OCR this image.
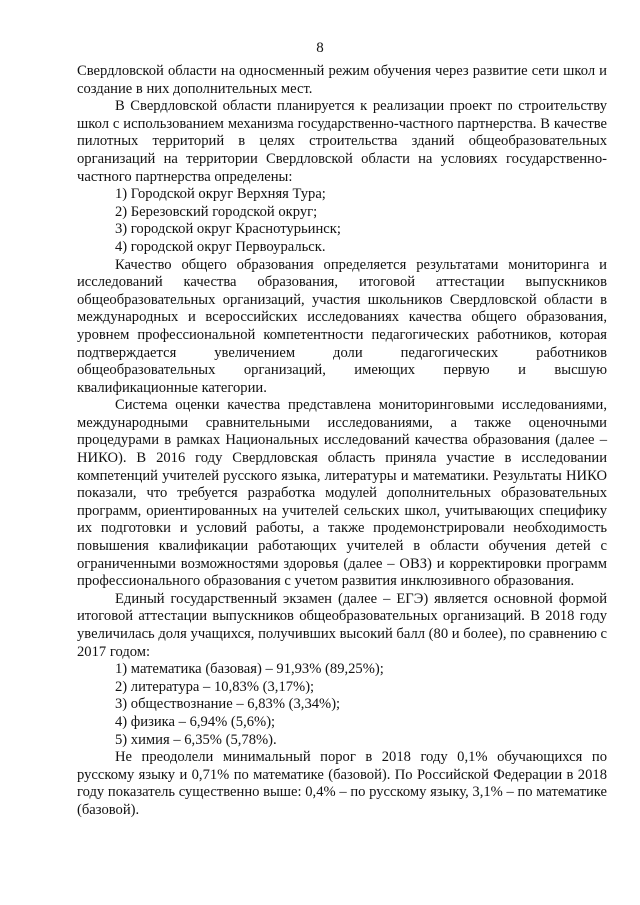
8

Свердловской области на односменный режим обучения через развитие сети школ и создание в них дополнительных мест.

В Свердловской области планируется к реализации проект по строительству школ с использованием механизма государственно-частного партнерства. В качестве пилотных территорий в целях строительства зданий общеобразовательных организаций на территории Свердловской области на условиях государственно-частного партнерства определены:

1) Городской округ Верхняя Тура;

2) Березовский городской округ;

3) городской округ Краснотурьинск;

4) городской округ Первоуральск.

Качество общего образования определяется результатами мониторинга и исследований качества образования, итоговой аттестации выпускников общеобразовательных организаций, участия школьников Свердловской области в международных и всероссийских исследованиях качества общего образования, уровнем профессиональной компетентности педагогических работников, которая подтверждается увеличением доли педагогических работников общеобразовательных организаций, имеющих первую и высшую квалификационные категории.

Система оценки качества представлена мониторинговыми исследованиями, международными сравнительными исследованиями, а также оценочными процедурами в рамках Национальных исследований качества образования (далее – НИКО). В 2016 году Свердловская область приняла участие в исследовании компетенций учителей русского языка, литературы и математики. Результаты НИКО показали, что требуется разработка модулей дополнительных образовательных программ, ориентированных на учителей сельских школ, учитывающих специфику их подготовки и условий работы, а также продемонстрировали необходимость повышения квалификации работающих учителей в области обучения детей с ограниченными возможностями здоровья (далее – ОВЗ) и корректировки программ профессионального образования с учетом развития инклюзивного образования.

Единый государственный экзамен (далее – ЕГЭ) является основной формой итоговой аттестации выпускников общеобразовательных организаций. В 2018 году увеличилась доля учащихся, получивших высокий балл (80 и более), по сравнению с 2017 годом:

1) математика (базовая) – 91,93% (89,25%);

2) литература – 10,83% (3,17%);

3) обществознание – 6,83% (3,34%);

4) физика – 6,94% (5,6%);

5) химия – 6,35% (5,78%).

Не преодолели минимальный порог в 2018 году 0,1% обучающихся по русскому языку и 0,71% по математике (базовой). По Российской Федерации в 2018 году показатель существенно выше: 0,4% – по русскому языку, 3,1% – по математике (базовой).
